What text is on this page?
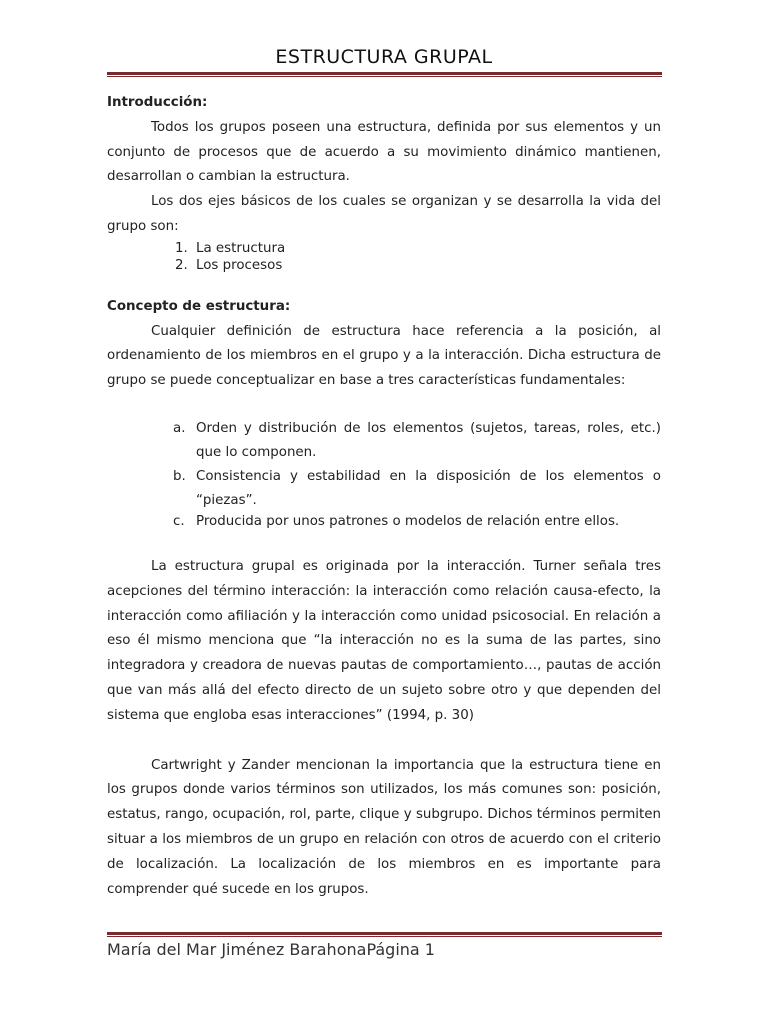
ESTRUCTURA GRUPAL
Introducción:

Todos los grupos poseen una estructura, definida por sus elementos y un conjunto de procesos que de acuerdo a su movimiento dinámico mantienen, desarrollan o cambian la estructura.

Los dos ejes básicos de los cuales se organizan y se desarrolla la vida del grupo son:

1. La estructura
2. Los procesos
Concepto de estructura:

Cualquier definición de estructura hace referencia a la posición, al ordenamiento de los miembros en el grupo y a la interacción. Dicha estructura de grupo se puede conceptualizar en base a tres características fundamentales:

a. Orden y distribución de los elementos (sujetos, tareas, roles, etc.) que lo componen.
b. Consistencia y estabilidad en la disposición de los elementos o “piezas”.
c. Producida por unos patrones o modelos de relación entre ellos.

La estructura grupal es originada por la interacción. Turner señala tres acepciones del término interacción: la interacción como relación causa-efecto, la interacción como afiliación y la interacción como unidad psicosocial. En relación a eso él mismo menciona que “la interacción no es la suma de las partes, sino integradora y creadora de nuevas pautas de comportamiento…, pautas de acción que van más allá del efecto directo de un sujeto sobre otro y que dependen del sistema que engloba esas interacciones” (1994, p. 30)

Cartwright y Zander mencionan la importancia que la estructura tiene en los grupos donde varios términos son utilizados, los más comunes son: posición, estatus, rango, ocupación, rol, parte, clique y subgrupo. Dichos términos permiten situar a los miembros de un grupo en relación con otros de acuerdo con el criterio de localización. La localización de los miembros en es importante para comprender qué sucede en los grupos.

María del Mar Jiménez BarahonaPágina 1
